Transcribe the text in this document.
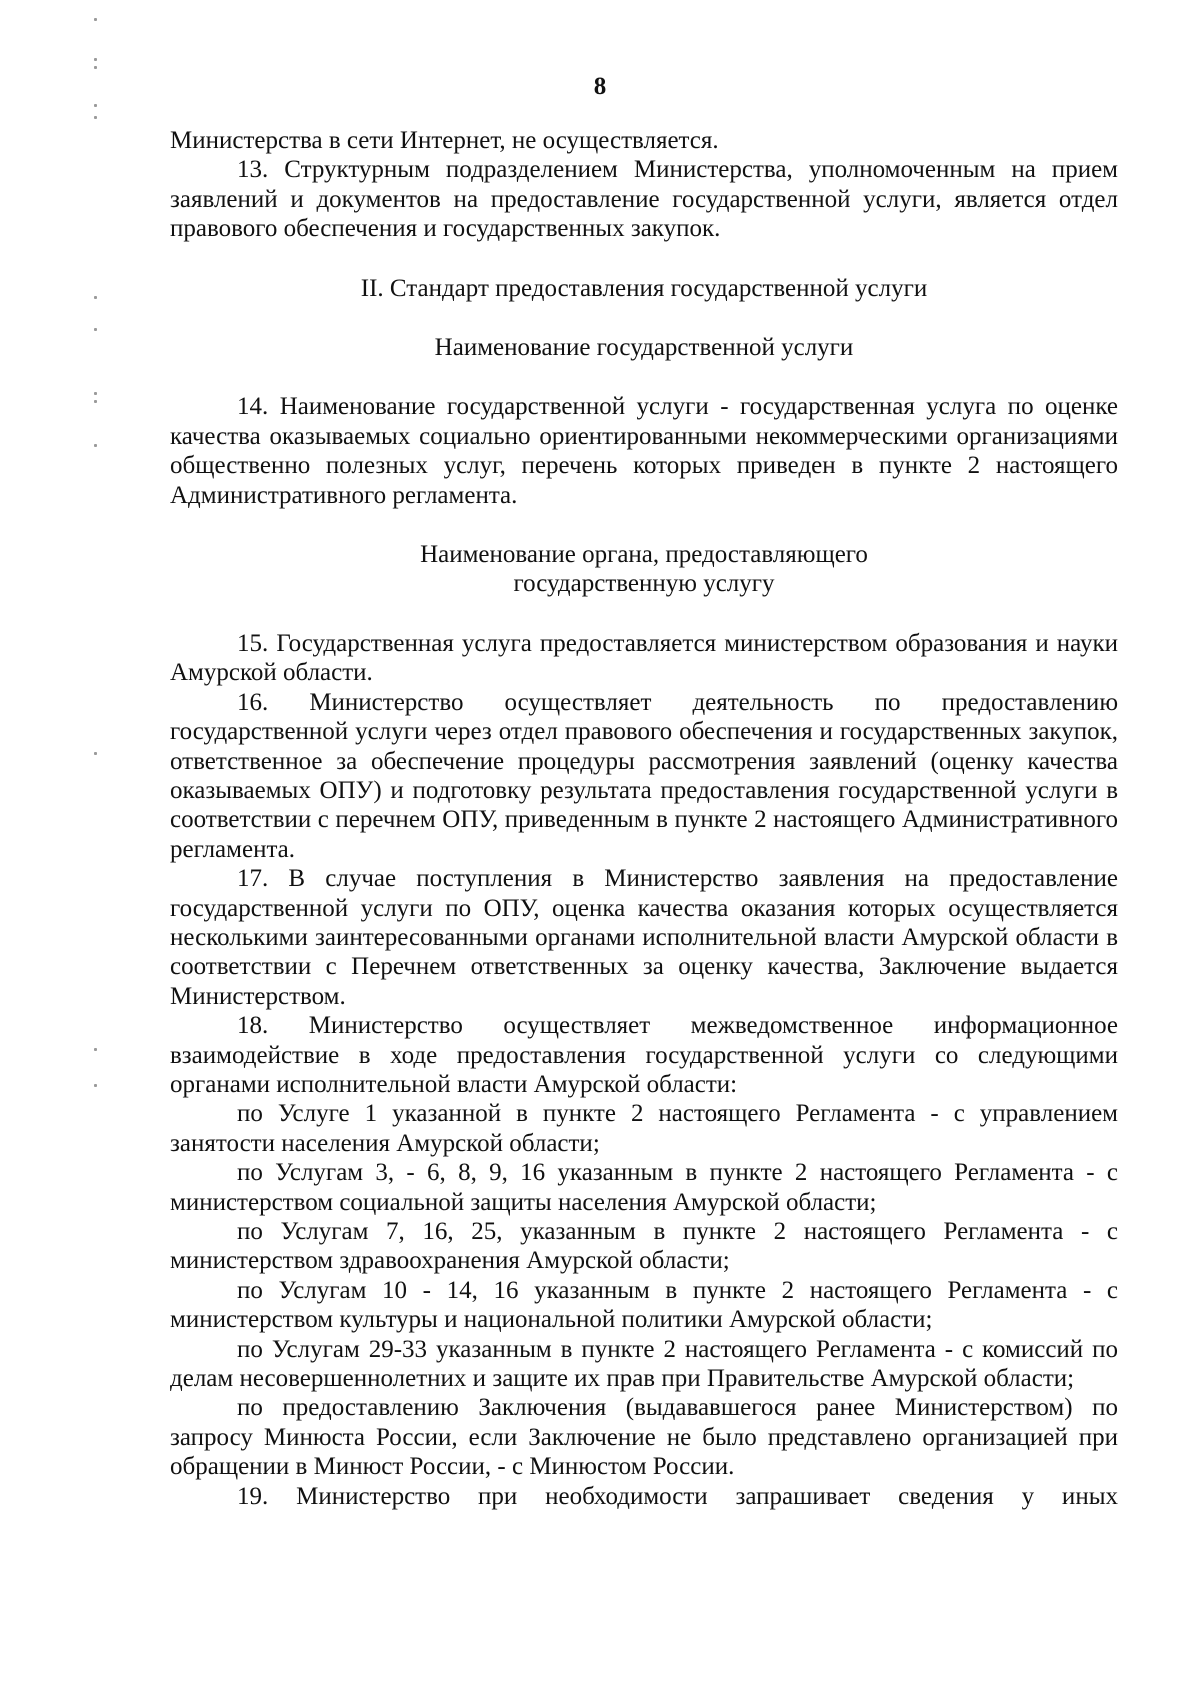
8

Министерства в сети Интернет, не осуществляется.

13. Структурным подразделением Министерства, уполномоченным на прием заявлений и документов на предоставление государственной услуги, является отдел правового обеспечения и государственных закупок.

II. Стандарт предоставления государственной услуги

Наименование государственной услуги

14. Наименование государственной услуги - государственная услуга по оценке качества оказываемых социально ориентированными некоммерческими организациями общественно полезных услуг, перечень которых приведен в пункте 2 настоящего Административного регламента.

Наименование органа, предоставляющего

государственную услугу

15. Государственная услуга предоставляется министерством образования и науки Амурской области.

16. Министерство осуществляет деятельность по предоставлению государственной услуги через отдел правового обеспечения и государственных закупок, ответственное за обеспечение процедуры рассмотрения заявлений (оценку качества оказываемых ОПУ) и подготовку результата предоставления государственной услуги в соответствии с перечнем ОПУ, приведенным в пункте 2 настоящего Административного регламента.

17. В случае поступления в Министерство заявления на предоставление государственной услуги по ОПУ, оценка качества оказания которых осуществляется несколькими заинтересованными органами исполнительной власти Амурской области в соответствии с Перечнем ответственных за оценку качества, Заключение выдается Министерством.

18. Министерство осуществляет межведомственное информационное взаимодействие в ходе предоставления государственной услуги со следующими органами исполнительной власти Амурской области:

по Услуге 1 указанной в пункте 2 настоящего Регламента - с управлением занятости населения Амурской области;

по Услугам 3, - 6, 8, 9, 16 указанным в пункте 2 настоящего Регламента - с министерством социальной защиты населения Амурской области;

по Услугам 7, 16, 25, указанным в пункте 2 настоящего Регламента - с министерством здравоохранения Амурской области;

по Услугам 10 - 14, 16 указанным в пункте 2 настоящего Регламента - с министерством культуры и национальной политики Амурской области;

по Услугам 29-33 указанным в пункте 2 настоящего Регламента - с комиссий по делам несовершеннолетних и защите их прав при Правительстве Амурской области;

по предоставлению Заключения (выдававшегося ранее Министерством) по запросу Минюста России, если Заключение не было представлено организацией при обращении в Минюст России, - с Минюстом России.

19. Министерство при необходимости запрашивает сведения у иных
